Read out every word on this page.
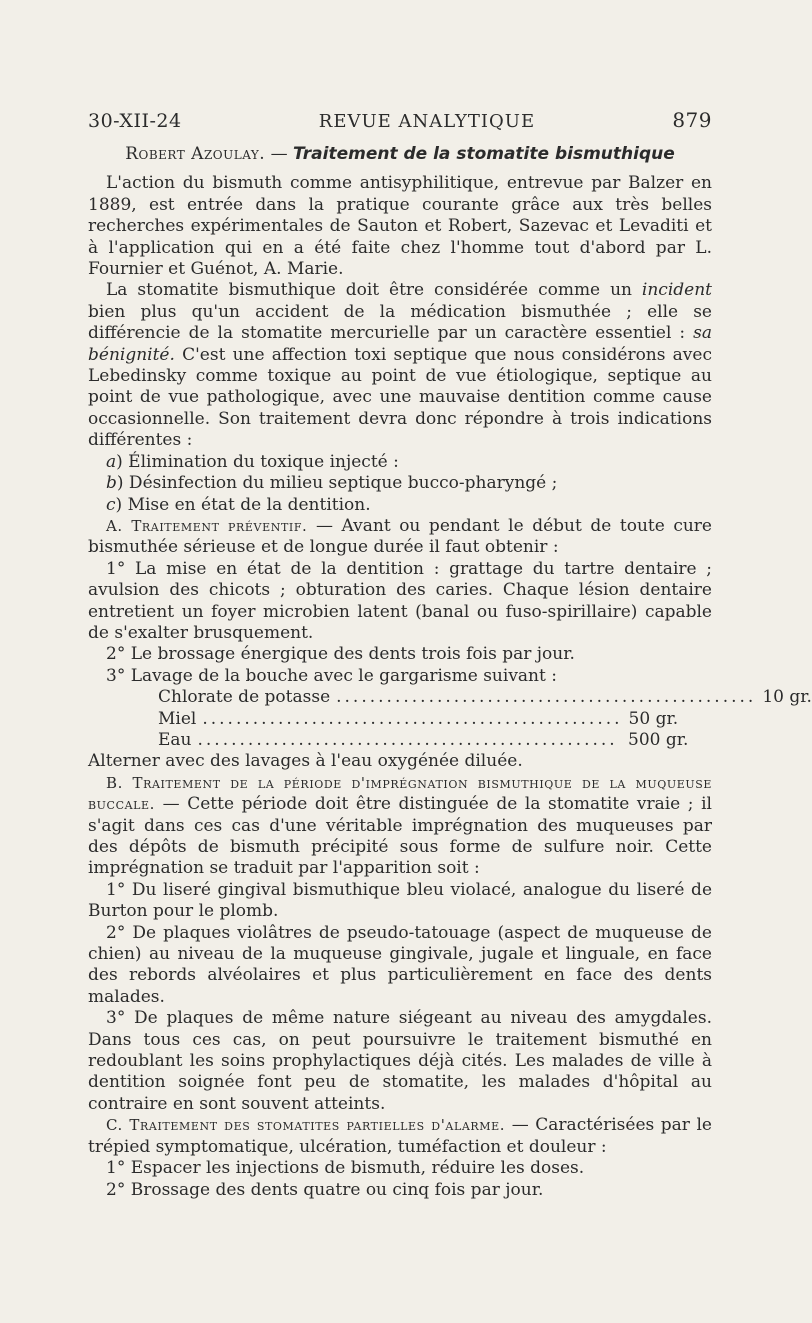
30-XII-24	REVUE ANALYTIQUE	879

Robert Azoulay. — Traitement de la stomatite bismuthique

L'action du bismuth comme antisyphilitique, entrevue par Balzer en 1889, est entrée dans la pratique courante grâce aux très belles recherches expérimentales de Sauton et Robert, Sazevac et Levaditi et à l'application qui en a été faite chez l'homme tout d'abord par L. Fournier et Guénot, A. Marie.

La stomatite bismuthique doit être considérée comme un incident bien plus qu'un accident de la médication bismuthée ; elle se différencie de la stomatite mercurielle par un caractère essentiel : sa bénignité. C'est une affection toxi septique que nous considérons avec Lebedinsky comme toxique au point de vue étiologique, septique au point de vue pathologique, avec une mauvaise dentition comme cause occasionnelle. Son traitement devra donc répondre à trois indications différentes :

a) Élimination du toxique injecté :

b) Désinfection du milieu septique bucco-pharyngé ;

c) Mise en état de la dentition.

A. Traitement préventif. — Avant ou pendant le début de toute cure bismuthée sérieuse et de longue durée il faut obtenir :

1° La mise en état de la dentition : grattage du tartre dentaire ; avulsion des chicots ; obturation des caries. Chaque lésion dentaire entretient un foyer microbien latent (banal ou fuso-spirillaire) capable de s'exalter brusquement.

2° Le brossage énergique des dents trois fois par jour.

3° Lavage de la bouche avec le gargarisme suivant :

Chlorate de potasse .................................................. 10 gr.
Miel .................................................. 50 gr.
Eau .................................................. 500 gr.

Alterner avec des lavages à l'eau oxygénée diluée.

B. Traitement de la période d'imprégnation bismuthique de la muqueuse buccale. — Cette période doit être distinguée de la stomatite vraie ; il s'agit dans ces cas d'une véritable imprégnation des muqueuses par des dépôts de bismuth précipité sous forme de sulfure noir. Cette imprégnation se traduit par l'apparition soit :

1° Du liseré gingival bismuthique bleu violacé, analogue du liseré de Burton pour le plomb.

2° De plaques violâtres de pseudo-tatouage (aspect de muqueuse de chien) au niveau de la muqueuse gingivale, jugale et linguale, en face des rebords alvéolaires et plus particulièrement en face des dents malades.

3° De plaques de même nature siégeant au niveau des amygdales. Dans tous ces cas, on peut poursuivre le traitement bismuthé en redoublant les soins prophylactiques déjà cités. Les malades de ville à dentition soignée font peu de stomatite, les malades d'hôpital au contraire en sont souvent atteints.

C. Traitement des stomatites partielles d'alarme. — Caractérisées par le trépied symptomatique, ulcération, tuméfaction et douleur :

1° Espacer les injections de bismuth, réduire les doses.

2° Brossage des dents quatre ou cinq fois par jour.
